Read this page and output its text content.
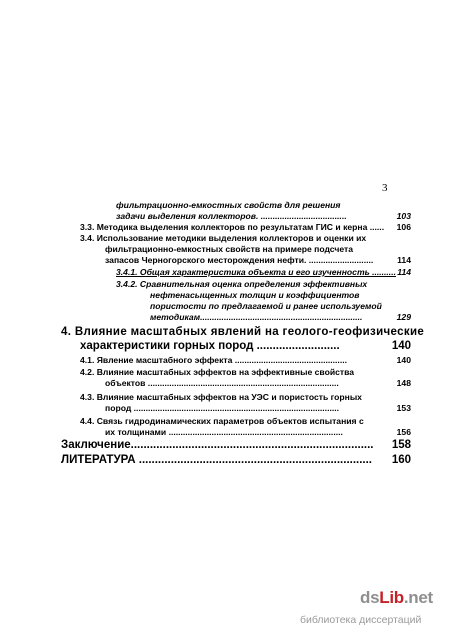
3
фильтрационно-емкостных свойств для решения
задачи выделения коллекторов. ....................................	103
3.3. Методика выделения коллекторов по результатам ГИС и керна ...... 106
3.4. Использование методики выделения коллекторов и оценки их
фильтрационно-емкостных свойств на примере подсчета
запасов Черногорского месторождения нефти. ...........................	114
3.4.1. Общая характеристика объекта и его изученность .......... 114
3.4.2. Сравнительная оценка определения эффективных
нефтенасыщенных толщин и коэффициентов
пористости по предлагаемой и ранее используемой
методикам....................................................................	129
4. Влияние масштабных явлений на геолого-геофизические
характеристики горных пород ..........................	140
4.1. Явление масштабного эффекта ...............................................	140
4.2. Влияние масштабных эффектов на эффективные свойства
объектов ................................................................................	148
4.3. Влияние масштабных эффектов на УЭС и пористость горных
пород ......................................................................................	153
4.4. Связь гидродинамических параметров объектов испытания с
их толщинами .........................................................................	156
Заключение............................................................................ 158
ЛИТЕРАТУРА ......................................................................... 160
dsLib.net
библиотека диссертаций
